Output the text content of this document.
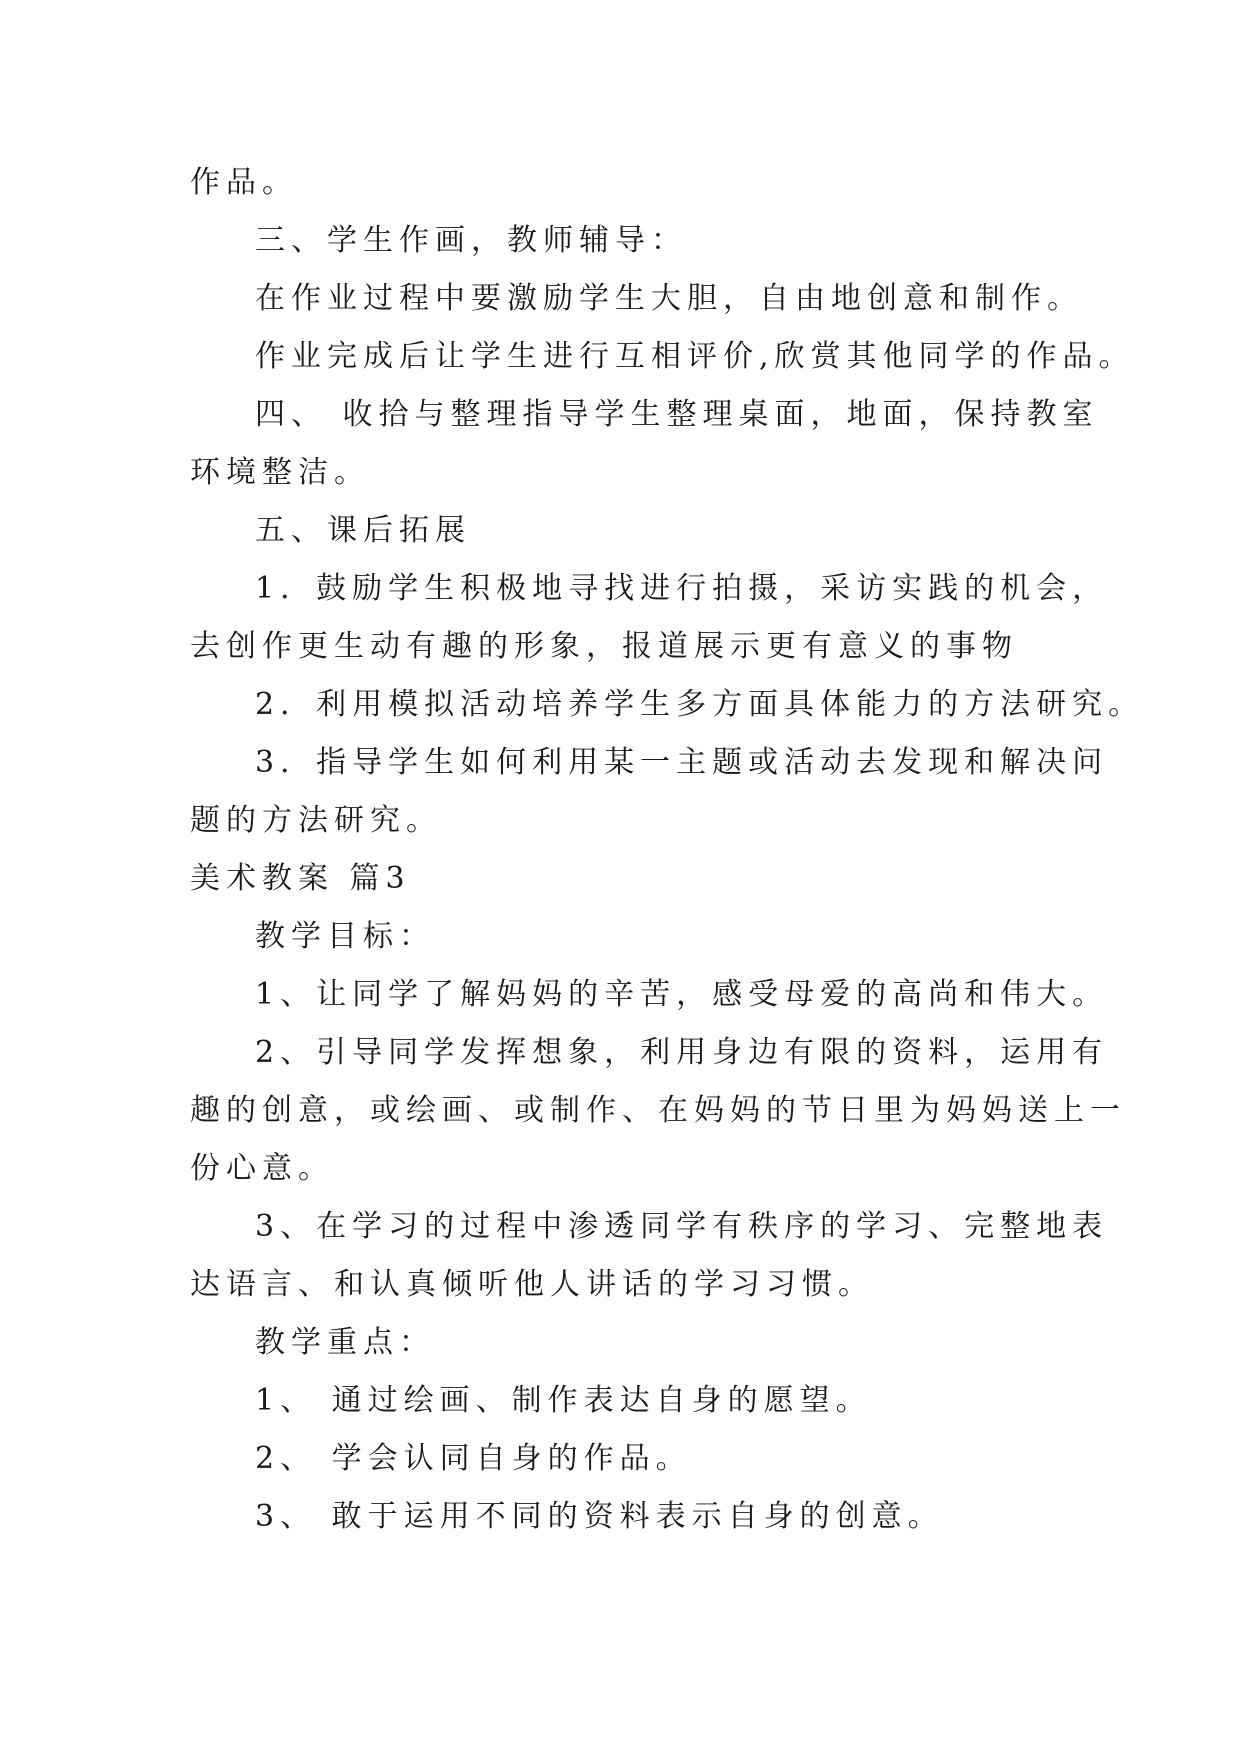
作品。

三、学生作画，教师辅导：

在作业过程中要激励学生大胆，自由地创意和制作。

作业完成后让学生进行互相评价,欣赏其他同学的作品。

四、 收拾与整理指导学生整理桌面，地面，保持教室

环境整洁。

五、课后拓展

1．鼓励学生积极地寻找进行拍摄，采访实践的机会，

去创作更生动有趣的形象，报道展示更有意义的事物

2．利用模拟活动培养学生多方面具体能力的方法研究。

3．指导学生如何利用某一主题或活动去发现和解决问

题的方法研究。

美术教案 篇3

教学目标：

1、让同学了解妈妈的辛苦，感受母爱的高尚和伟大。

2、引导同学发挥想象，利用身边有限的资料，运用有

趣的创意，或绘画、或制作、在妈妈的节日里为妈妈送上一

份心意。

3、在学习的过程中渗透同学有秩序的学习、完整地表

达语言、和认真倾听他人讲话的学习习惯。

教学重点：

1、 通过绘画、制作表达自身的愿望。

2、 学会认同自身的作品。

3、 敢于运用不同的资料表示自身的创意。
